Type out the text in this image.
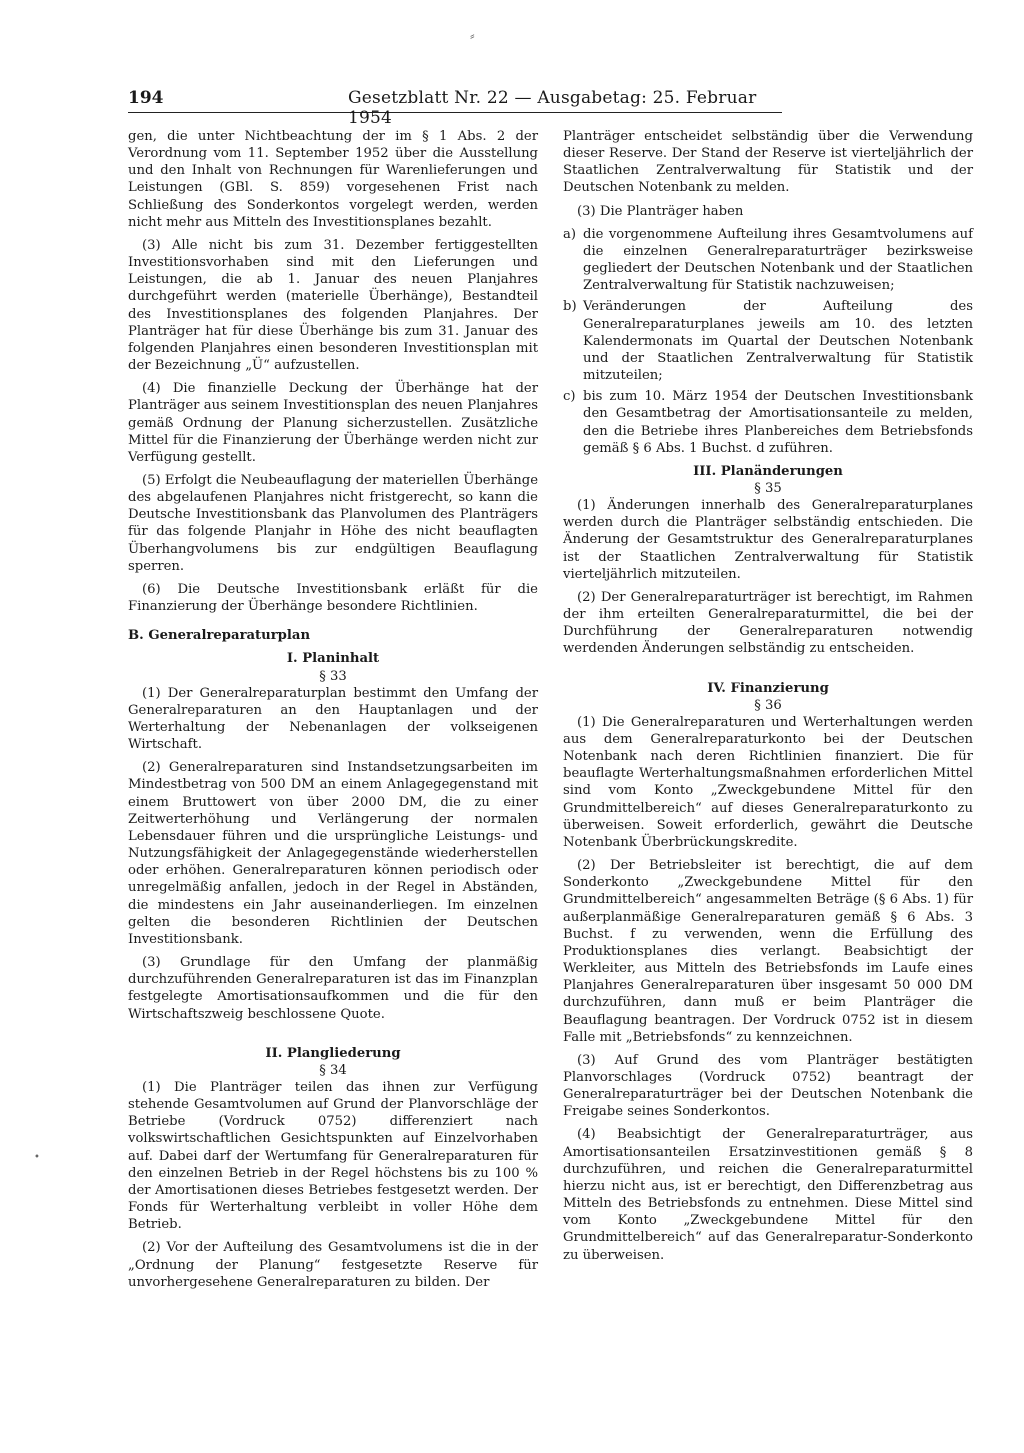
194	Gesetzblatt Nr. 22 — Ausgabetag: 25. Februar 1954

gen, die unter Nichtbeachtung der im § 1 Abs. 2 der Verordnung vom 11. September 1952 über die Ausstellung und den Inhalt von Rechnungen für Warenlieferungen und Leistungen (GBl. S. 859) vorgesehenen Frist nach Schließung des Sonderkontos vorgelegt werden, werden nicht mehr aus Mitteln des Investitionsplanes bezahlt.

(3) Alle nicht bis zum 31. Dezember fertiggestellten Investitionsvorhaben sind mit den Lieferungen und Leistungen, die ab 1. Januar des neuen Planjahres durchgeführt werden (materielle Überhänge), Bestandteil des Investitionsplanes des folgenden Planjahres. Der Planträger hat für diese Überhänge bis zum 31. Januar des folgenden Planjahres einen besonderen Investitionsplan mit der Bezeichnung „Ü“ aufzustellen.

(4) Die finanzielle Deckung der Überhänge hat der Planträger aus seinem Investitionsplan des neuen Planjahres gemäß Ordnung der Planung sicherzustellen. Zusätzliche Mittel für die Finanzierung der Überhänge werden nicht zur Verfügung gestellt.

(5) Erfolgt die Neubeauflagung der materiellen Überhänge des abgelaufenen Planjahres nicht fristgerecht, so kann die Deutsche Investitionsbank das Planvolumen des Planträgers für das folgende Planjahr in Höhe des nicht beauflagten Überhangvolumens bis zur endgültigen Beauflagung sperren.

(6) Die Deutsche Investitionsbank erläßt für die Finanzierung der Überhänge besondere Richtlinien.

B. Generalreparaturplan

I. Planinhalt

§ 33

(1) Der Generalreparaturplan bestimmt den Umfang der Generalreparaturen an den Hauptanlagen und der Werterhaltung der Nebenanlagen der volkseigenen Wirtschaft.

(2) Generalreparaturen sind Instandsetzungsarbeiten im Mindestbetrag von 500 DM an einem Anlagegegenstand mit einem Bruttowert von über 2000 DM, die zu einer Zeitwerterhöhung und Verlängerung der normalen Lebensdauer führen und die ursprüngliche Leistungs- und Nutzungsfähigkeit der Anlagegegenstände wiederherstellen oder erhöhen. Generalreparaturen können periodisch oder unregelmäßig anfallen, jedoch in der Regel in Abständen, die mindestens ein Jahr auseinanderliegen. Im einzelnen gelten die besonderen Richtlinien der Deutschen Investitionsbank.

(3) Grundlage für den Umfang der planmäßig durchzuführenden Generalreparaturen ist das im Finanzplan festgelegte Amortisationsaufkommen und die für den Wirtschaftszweig beschlossene Quote.

II. Plangliederung

§ 34

(1) Die Planträger teilen das ihnen zur Verfügung stehende Gesamtvolumen auf Grund der Planvorschläge der Betriebe (Vordruck 0752) differenziert nach volkswirtschaftlichen Gesichtspunkten auf Einzelvorhaben auf. Dabei darf der Wertumfang für Generalreparaturen für den einzelnen Betrieb in der Regel höchstens bis zu 100 % der Amortisationen dieses Betriebes festgesetzt werden. Der Fonds für Werterhaltung verbleibt in voller Höhe dem Betrieb.

(2) Vor der Aufteilung des Gesamtvolumens ist die in der „Ordnung der Planung“ festgesetzte Reserve für unvorhergesehene Generalreparaturen zu bilden. Der

Planträger entscheidet selbständig über die Verwendung dieser Reserve. Der Stand der Reserve ist vierteljährlich der Staatlichen Zentralverwaltung für Statistik und der Deutschen Notenbank zu melden.

(3) Die Planträger haben

a) die vorgenommene Aufteilung ihres Gesamtvolumens auf die einzelnen Generalreparaturträger bezirksweise gegliedert der Deutschen Notenbank und der Staatlichen Zentralverwaltung für Statistik nachzuweisen;
b) Veränderungen der Aufteilung des Generalreparaturplanes jeweils am 10. des letzten Kalendermonats im Quartal der Deutschen Notenbank und der Staatlichen Zentralverwaltung für Statistik mitzuteilen;
c) bis zum 10. März 1954 der Deutschen Investitionsbank den Gesamtbetrag der Amortisationsanteile zu melden, den die Betriebe ihres Planbereiches dem Betriebsfonds gemäß § 6 Abs. 1 Buchst. d zuführen.

III. Planänderungen

§ 35

(1) Änderungen innerhalb des Generalreparaturplanes werden durch die Planträger selbständig entschieden. Die Änderung der Gesamtstruktur des Generalreparaturplanes ist der Staatlichen Zentralverwaltung für Statistik vierteljährlich mitzuteilen.

(2) Der Generalreparaturträger ist berechtigt, im Rahmen der ihm erteilten Generalreparaturmittel, die bei der Durchführung der Generalreparaturen notwendig werdenden Änderungen selbständig zu entscheiden.

IV. Finanzierung

§ 36

(1) Die Generalreparaturen und Werterhaltungen werden aus dem Generalreparaturkonto bei der Deutschen Notenbank nach deren Richtlinien finanziert. Die für beauflagte Werterhaltungsmaßnahmen erforderlichen Mittel sind vom Konto „Zweckgebundene Mittel für den Grundmittelbereich“ auf dieses Generalreparaturkonto zu überweisen. Soweit erforderlich, gewährt die Deutsche Notenbank Überbrückungskredite.

(2) Der Betriebsleiter ist berechtigt, die auf dem Sonderkonto „Zweckgebundene Mittel für den Grundmittelbereich“ angesammelten Beträge (§ 6 Abs. 1) für außerplanmäßige Generalreparaturen gemäß § 6 Abs. 3 Buchst. f zu verwenden, wenn die Erfüllung des Produktionsplanes dies verlangt. Beabsichtigt der Werkleiter, aus Mitteln des Betriebsfonds im Laufe eines Planjahres Generalreparaturen über insgesamt 50 000 DM durchzuführen, dann muß er beim Planträger die Beauflagung beantragen. Der Vordruck 0752 ist in diesem Falle mit „Betriebsfonds“ zu kennzeichnen.

(3) Auf Grund des vom Planträger bestätigten Planvorschlages (Vordruck 0752) beantragt der Generalreparaturträger bei der Deutschen Notenbank die Freigabe seines Sonderkontos.

(4) Beabsichtigt der Generalreparaturträger, aus Amortisationsanteilen Ersatzinvestitionen gemäß § 8 durchzuführen, und reichen die Generalreparaturmittel hierzu nicht aus, ist er berechtigt, den Differenzbetrag aus Mitteln des Betriebsfonds zu entnehmen. Diese Mittel sind vom Konto „Zweckgebundene Mittel für den Grundmittelbereich“ auf das Generalreparatur-Sonderkonto zu überweisen.

⸗
•
